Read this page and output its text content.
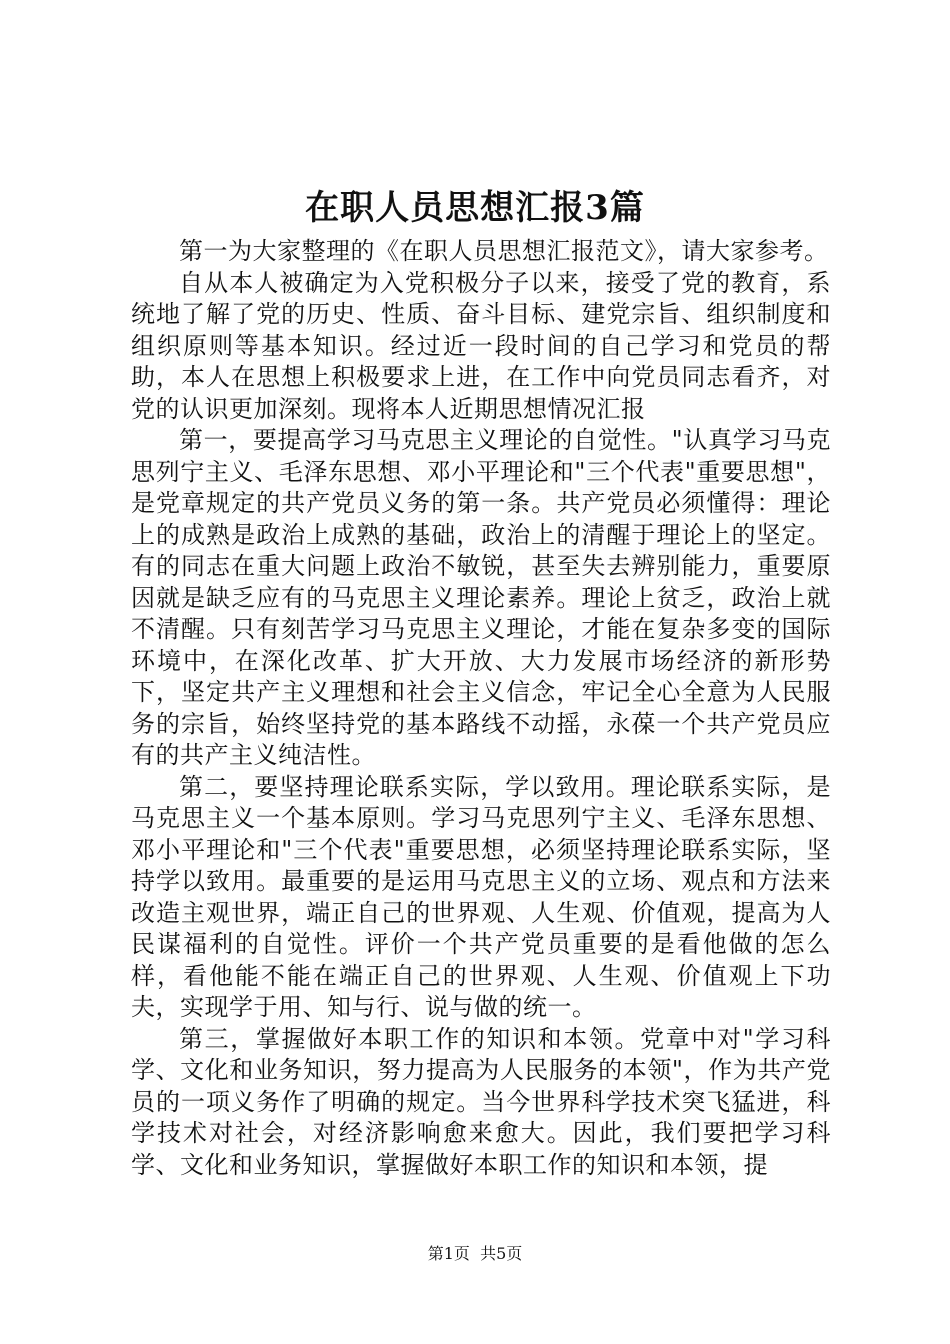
在职人员思想汇报3篇

第一为大家整理的《在职人员思想汇报范文》，请大家参考。

自从本人被确定为入党积极分子以来，接受了党的教育，系统地了解了党的历史、性质、奋斗目标、建党宗旨、组织制度和组织原则等基本知识。经过近一段时间的自己学习和党员的帮助，本人在思想上积极要求上进，在工作中向党员同志看齐，对党的认识更加深刻。现将本人近期思想情况汇报

第一，要提高学习马克思主义理论的自觉性。"认真学习马克思列宁主义、毛泽东思想、邓小平理论和"三个代表"重要思想"，是党章规定的共产党员义务的第一条。共产党员必须懂得：理论上的成熟是政治上成熟的基础，政治上的清醒于理论上的坚定。有的同志在重大问题上政治不敏锐，甚至失去辨别能力，重要原因就是缺乏应有的马克思主义理论素养。理论上贫乏，政治上就不清醒。只有刻苦学习马克思主义理论，才能在复杂多变的国际环境中，在深化改革、扩大开放、大力发展市场经济的新形势下，坚定共产主义理想和社会主义信念，牢记全心全意为人民服务的宗旨，始终坚持党的基本路线不动摇，永葆一个共产党员应有的共产主义纯洁性。

第二，要坚持理论联系实际，学以致用。理论联系实际，是马克思主义一个基本原则。学习马克思列宁主义、毛泽东思想、邓小平理论和"三个代表"重要思想，必须坚持理论联系实际，坚持学以致用。最重要的是运用马克思主义的立场、观点和方法来改造主观世界，端正自己的世界观、人生观、价值观，提高为人民谋福利的自觉性。评价一个共产党员重要的是看他做的怎么样，看他能不能在端正自己的世界观、人生观、价值观上下功夫，实现学于用、知与行、说与做的统一。

第三，掌握做好本职工作的知识和本领。党章中对"学习科学、文化和业务知识，努力提高为人民服务的本领"，作为共产党员的一项义务作了明确的规定。当今世界科学技术突飞猛进，科学技术对社会，对经济影响愈来愈大。因此，我们要把学习科学、文化和业务知识，掌握做好本职工作的知识和本领，提

第1页 共5页
